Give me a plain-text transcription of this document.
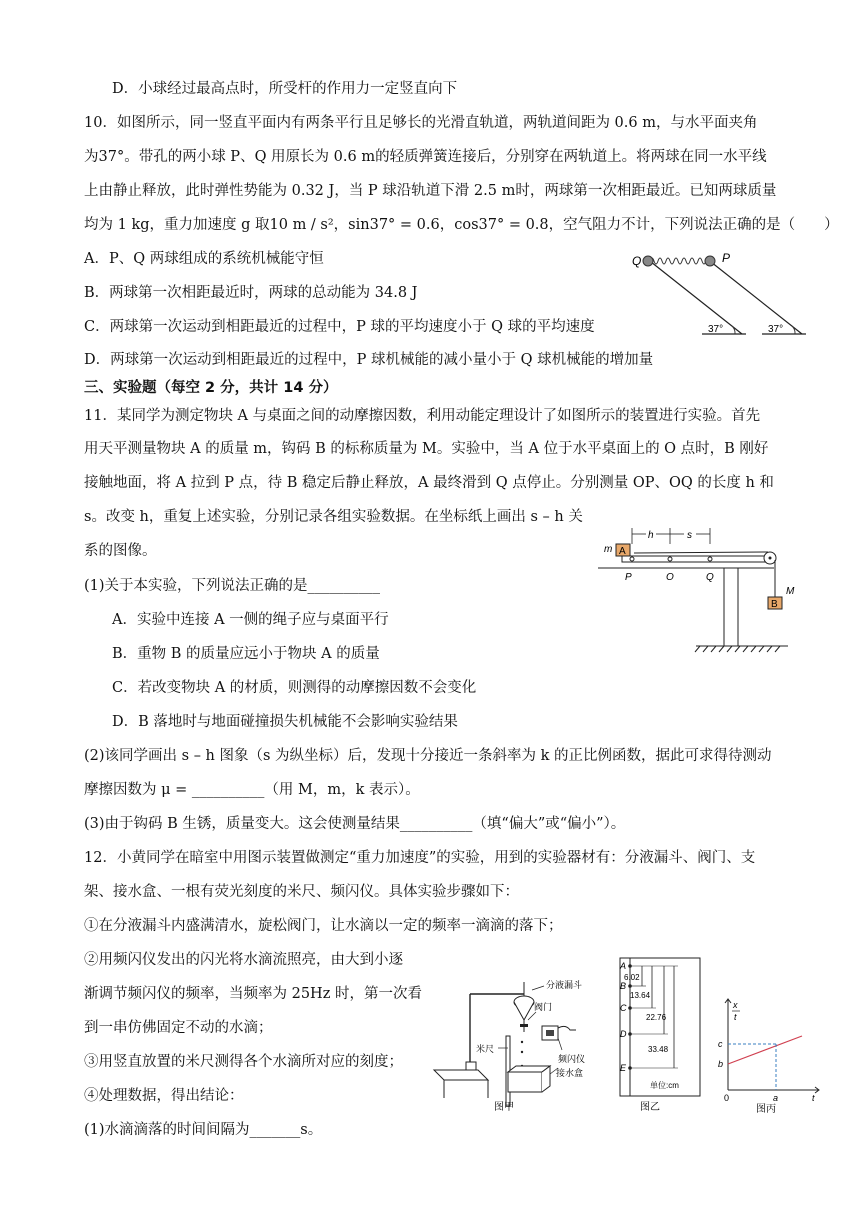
D．小球经过最高点时，所受杆的作用力一定竖直向下
10．如图所示，同一竖直平面内有两条平行且足够长的光滑直轨道，两轨道间距为 0.6 m，与水平面夹角
为37°。带孔的两小球 P、Q 用原长为 0.6 m的轻质弹簧连接后，分别穿在两轨道上。将两球在同一水平线
上由静止释放，此时弹性势能为 0.32 J，当 P 球沿轨道下滑 2.5 m时，两球第一次相距最近。已知两球质量
均为 1 kg，重力加速度 g 取10 m / s²，sin37° = 0.6，cos37° = 0.8，空气阻力不计，下列说法正确的是（　　）
A．P、Q 两球组成的系统机械能守恒
B．两球第一次相距最近时，两球的总动能为 34.8 J
C．两球第一次运动到相距最近的过程中，P 球的平均速度小于 Q 球的平均速度
D．两球第一次运动到相距最近的过程中，P 球机械能的减小量小于 Q 球机械能的增加量
三、实验题（每空 2 分，共计 14 分）
11．某同学为测定物块 A 与桌面之间的动摩擦因数，利用动能定理设计了如图所示的装置进行实验。首先
用天平测量物块 A 的质量 m，钩码 B 的标称质量为 M。实验中，当 A 位于水平桌面上的 O 点时，B 刚好
接触地面，将 A 拉到 P 点，待 B 稳定后静止释放，A 最终滑到 Q 点停止。分别测量 OP、OQ 的长度 h 和
s。改变 h，重复上述实验，分别记录各组实验数据。在坐标纸上画出 s – h 关
系的图像。
(1)关于本实验，下列说法正确的是__________
A．实验中连接 A 一侧的绳子应与桌面平行
B．重物 B 的质量应远小于物块 A 的质量
C．若改变物块 A 的材质，则测得的动摩擦因数不会变化
D．B 落地时与地面碰撞损失机械能不会影响实验结果
(2)该同学画出 s – h 图象（s 为纵坐标）后，发现十分接近一条斜率为 k 的正比例函数，据此可求得待测动
摩擦因数为 μ = __________（用 M，m，k 表示）。
(3)由于钩码 B 生锈，质量变大。这会使测量结果__________（填“偏大”或“偏小”）。
12．小黄同学在暗室中用图示装置做测定“重力加速度”的实验，用到的实验器材有：分液漏斗、阀门、支
架、接水盒、一根有荧光刻度的米尺、频闪仪。具体实验步骤如下：
①在分液漏斗内盛满清水，旋松阀门，让水滴以一定的频率一滴滴的落下；
②用频闪仪发出的闪光将水滴流照亮，由大到小逐
渐调节频闪仪的频率，当频率为 25Hz 时，第一次看
到一串仿佛固定不动的水滴；
③用竖直放置的米尺测得各个水滴所对应的刻度；
④处理数据，得出结论：
(1)水滴滴落的时间间隔为_______s。
Q	P
37°	37°
A
m
B
M
P	O	Q
h	s
分液漏斗
阀门
米尺
频闪仪
接水盒
图甲
A
B
C
D
E
6.02
13.64
22.76
33.48
单位:cm
图乙
x
t
c
b
0	a	t
图丙
